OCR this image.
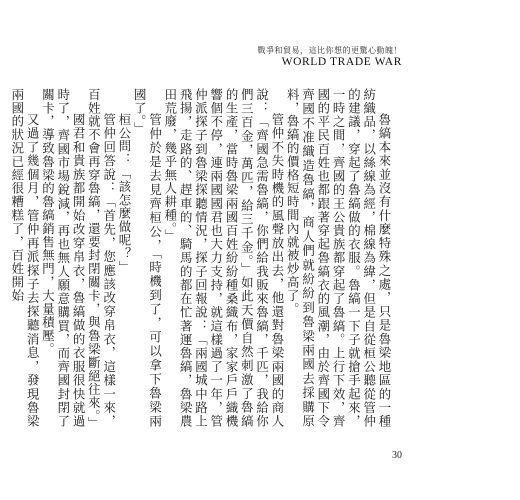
戰爭和貿易，這比你想的更驚心動魄！
WORLD TRADE WAR

魯縞本來並沒有什麼特殊之處，只是魯梁地區的一種紡織品，以絲線為經，棉線為緯，但是自從桓公聽從管仲的建議，穿起了魯縞做的衣服。魯縞一下子就搶手起來，一時之間，齊國的王公貴族都穿起了魯縞。上行下效，齊國的平民百姓也都跟著穿起魯縞衣的風潮，由於齊國下令齊國不准織造魯縞，商人們就紛紛到魯梁兩國去採購原料，魯縞的價格短時間內就被炒高了。

管仲不失時機的風聲放出去，他還對魯梁兩國的商人說：「齊國急需魯縞，你們給我販來魯縞，千匹，我給你們三百金，萬匹，給三千金。」如此天價自然刺激了魯縞的生產，當時魯梁兩國百姓紛紛種桑織布，家家戶戶織機響個不停，連兩國國君也大力支持，就這樣過了一年，管仲派探子到魯梁探聽情況，探子回報說：「兩國城中路上飛揚，走路的、趕車的、騎馬的都在忙著運魯縞，魯梁農田荒廢，幾乎無人耕種。」

管仲於是去見齊桓公，「時機到了，可以拿下魯梁兩國了。」

桓公問：「該怎麼做呢？」

管仲回答說：「首先，您應該改穿帛衣，這樣一來，百姓就不會再穿魯縞，還要封閉關卡，與魯梁斷絕往來。」

國君和貴族都開始改穿帛衣，魯縞做的衣服很快就過時了，齊國市場銳減，再也無人願意購買，而齊國封閉了關卡，導致魯梁的魯縞銷售無門，大量積壓。

又過了幾個月，管仲再派探子去探聽消息，發現魯梁兩國的狀況已經很糟糕了，百姓開始

30
